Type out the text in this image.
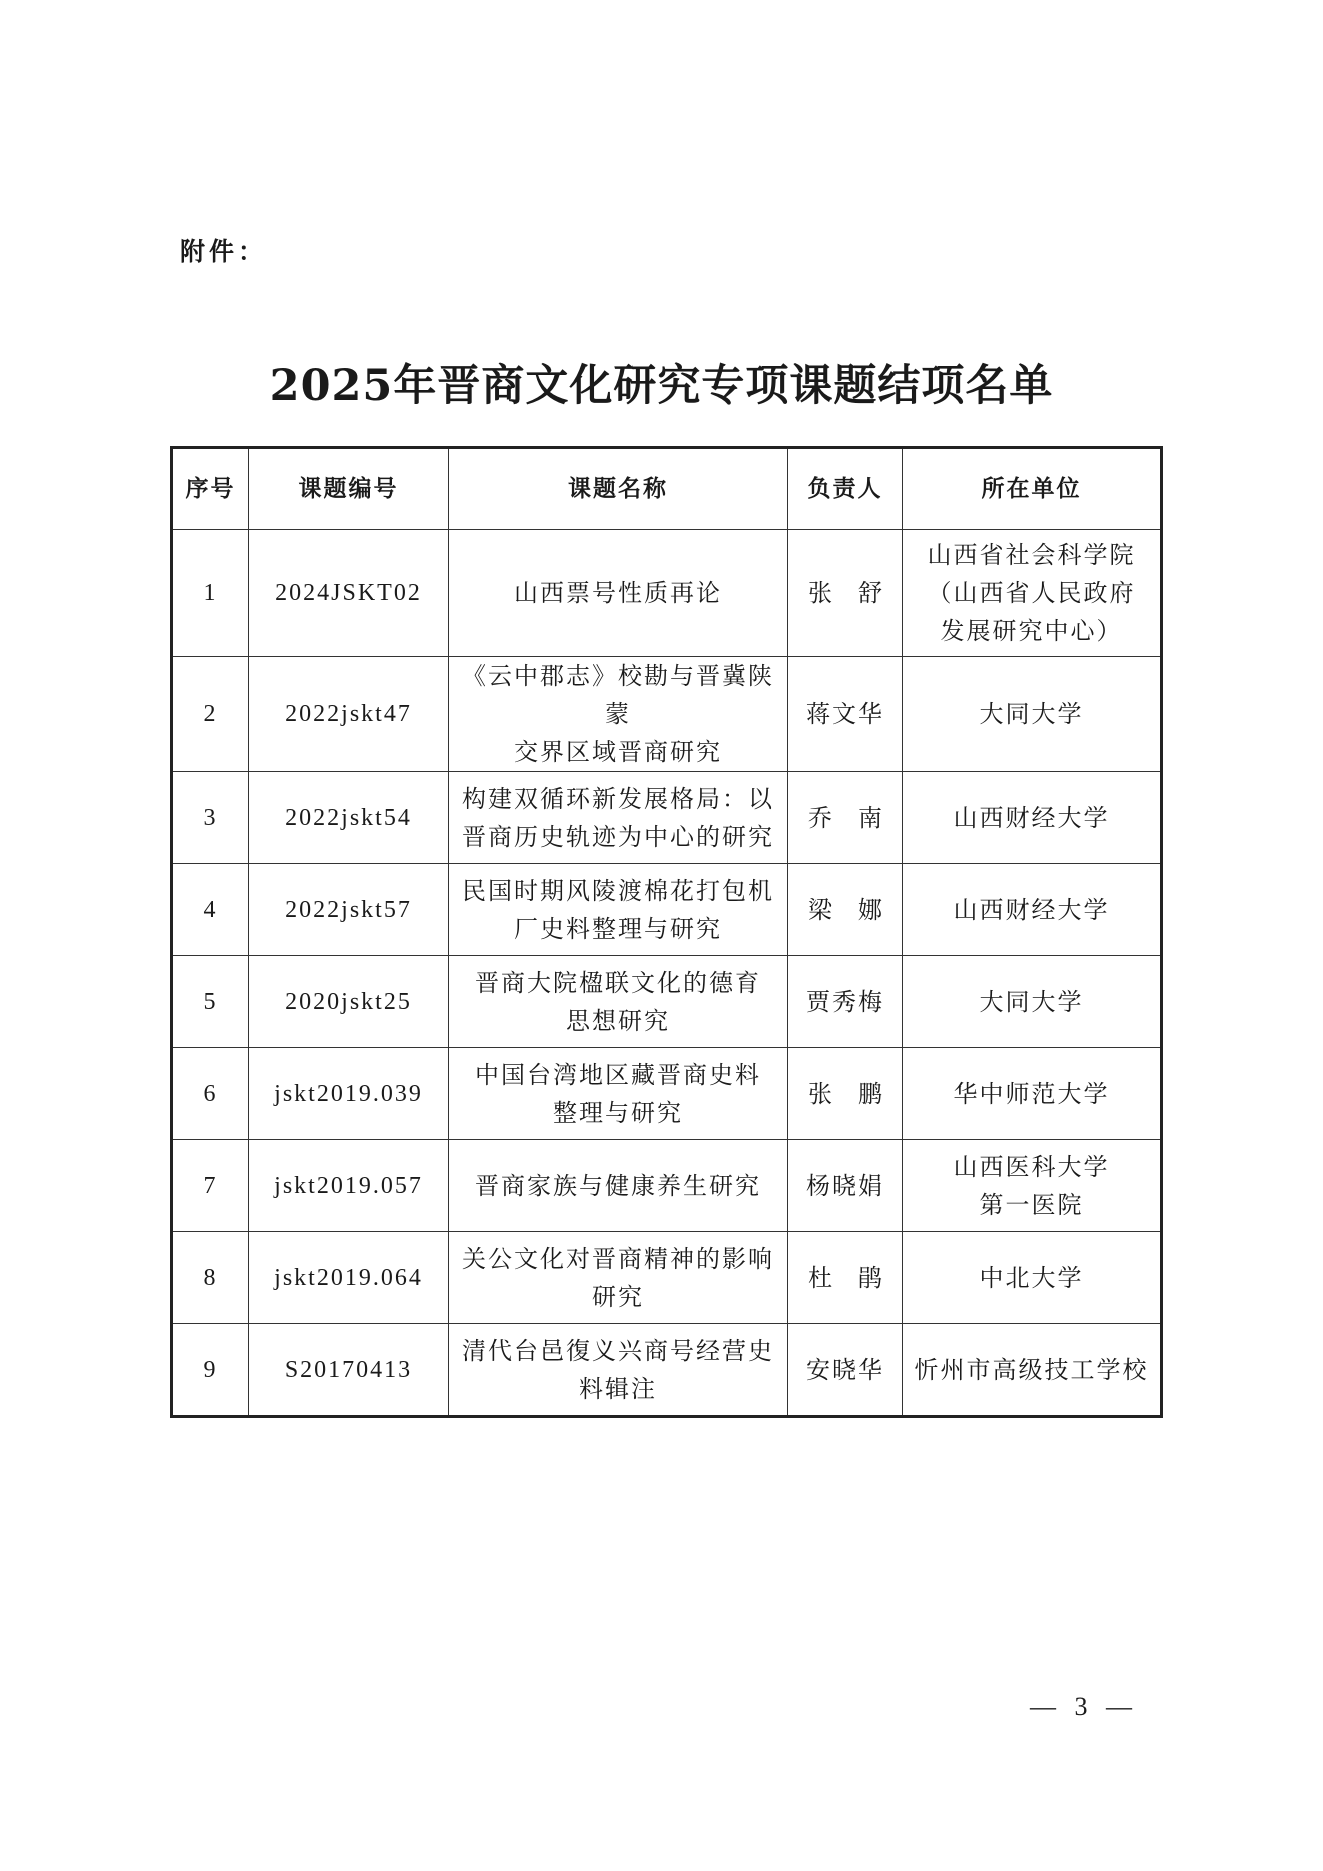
附件：
2025年晋商文化研究专项课题结项名单
序号	课题编号	课题名称	负责人	所在单位
1	2024JSKT02	山西票号性质再论	张舒	山西省社会科学院
（山西省人民政府
发展研究中心）
2	2022jskt47	《云中郡志》校勘与晋冀陕蒙
交界区域晋商研究	蒋文华	大同大学
3	2022jskt54	构建双循环新发展格局：以
晋商历史轨迹为中心的研究	乔南	山西财经大学
4	2022jskt57	民国时期风陵渡棉花打包机
厂史料整理与研究	梁娜	山西财经大学
5	2020jskt25	晋商大院楹联文化的德育
思想研究	贾秀梅	大同大学
6	jskt2019.039	中国台湾地区藏晋商史料
整理与研究	张鹏	华中师范大学
7	jskt2019.057	晋商家族与健康养生研究	杨晓娟	山西医科大学
第一医院
8	jskt2019.064	关公文化对晋商精神的影响
研究	杜鹃	中北大学
9	S20170413	清代台邑復义兴商号经营史
料辑注	安晓华	忻州市高级技工学校
— 3 —
